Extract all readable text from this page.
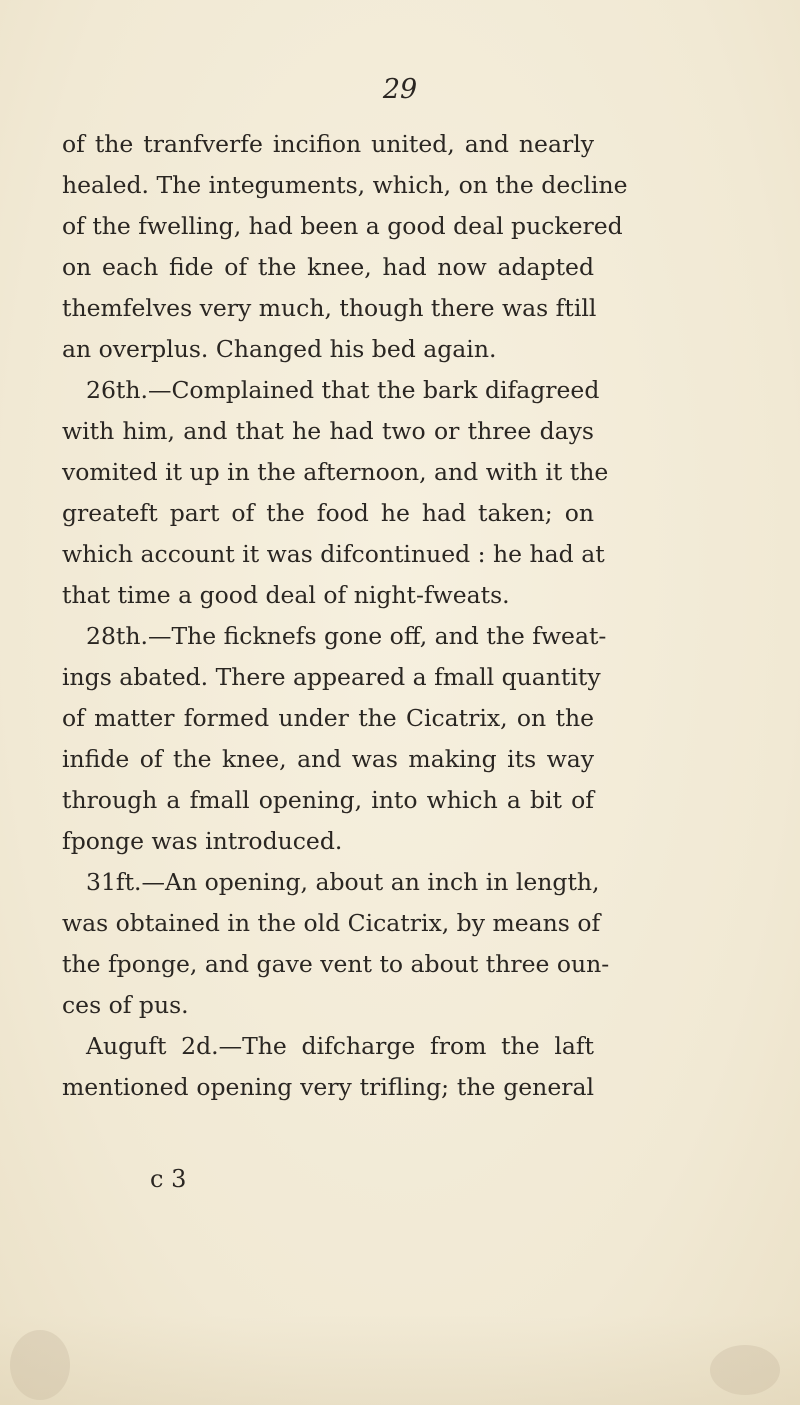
29
of the tranfverfe incifion united, and nearly
healed. The integuments, which, on the decline
of the fwelling, had been a good deal puckered
on each fide of the knee, had now adapted
themfelves very much, though there was ftill
an overplus. Changed his bed again.
26th.—Complained that the bark difagreed
with him, and that he had two or three days
vomited it up in the afternoon, and with it the
greateft part of the food he had taken; on
which account it was difcontinued : he had at
that time a good deal of night-fweats.
28th.—The ficknefs gone off, and the fweat-
ings abated. There appeared a fmall quantity
of matter formed under the Cicatrix, on the
infide of the knee, and was making its way
through a fmall opening, into which a bit of
fponge was introduced.
31ft.—An opening, about an inch in length,
was obtained in the old Cicatrix, by means of
the fponge, and gave vent to about three oun-
ces of pus.
Auguft 2d.—The difcharge from the laft
mentioned opening very trifling; the general
c 3
